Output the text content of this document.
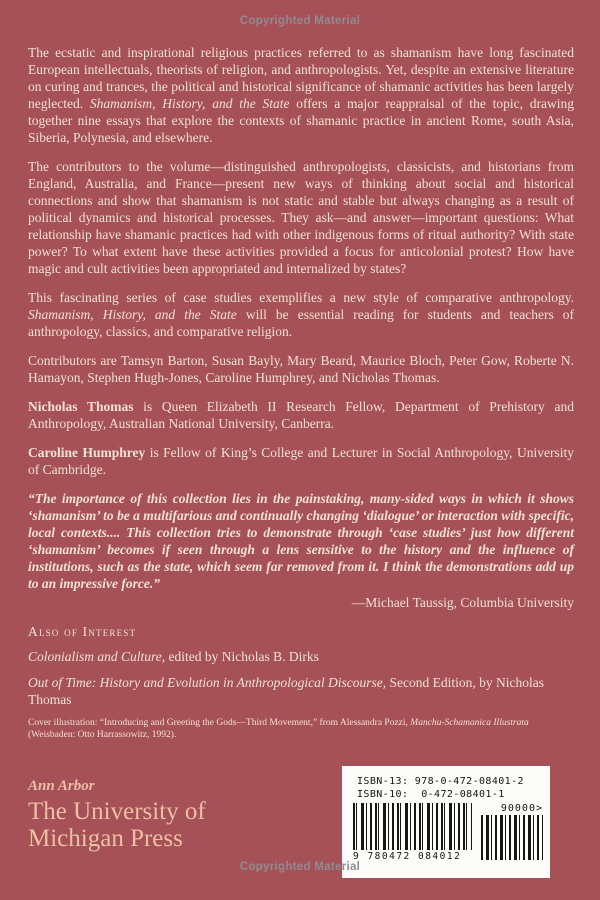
Copyrighted Material

The ecstatic and inspirational religious practices referred to as shamanism have long fascinated European intellectuals, theorists of religion, and anthropologists. Yet, despite an extensive literature on curing and trances, the political and historical significance of shamanic activities has been largely neglected. Shamanism, History, and the State offers a major reappraisal of the topic, drawing together nine essays that explore the contexts of shamanic practice in ancient Rome, south Asia, Siberia, Polynesia, and elsewhere.

The contributors to the volume—distinguished anthropologists, classicists, and historians from England, Australia, and France—present new ways of thinking about social and historical connections and show that shamanism is not static and stable but always changing as a result of political dynamics and historical processes. They ask—and answer—important questions: What relationship have shamanic practices had with other indigenous forms of ritual authority? With state power? To what extent have these activities provided a focus for anticolonial protest? How have magic and cult activities been appropriated and internalized by states?

This fascinating series of case studies exemplifies a new style of comparative anthropology. Shamanism, History, and the State will be essential reading for students and teachers of anthropology, classics, and comparative religion.

Contributors are Tamsyn Barton, Susan Bayly, Mary Beard, Maurice Bloch, Peter Gow, Roberte N. Hamayon, Stephen Hugh-Jones, Caroline Humphrey, and Nicholas Thomas.

Nicholas Thomas is Queen Elizabeth II Research Fellow, Department of Prehistory and Anthropology, Australian National University, Canberra.

Caroline Humphrey is Fellow of King’s College and Lecturer in Social Anthropology, University of Cambridge.

“The importance of this collection lies in the painstaking, many-sided ways in which it shows ‘shamanism’ to be a multifarious and continually changing ‘dialogue’ or interaction with specific, local contexts.... This collection tries to demonstrate through ‘case studies’ just how different ‘shamanism’ becomes if seen through a lens sensitive to the history and the influence of institutions, such as the state, which seem far removed from it. I think the demonstrations add up to an impressive force.”

—Michael Taussig, Columbia University

Also of Interest

Colonialism and Culture, edited by Nicholas B. Dirks

Out of Time: History and Evolution in Anthropological Discourse, Second Edition, by Nicholas Thomas

Cover illustration: “Introducing and Greeting the Gods—Third Movement,” from Alessandra Pozzi, Manchu-Schamanica Illustrata (Weisbaden: Otto Harrassowitz, 1992).

Ann Arbor
The University of Michigan Press
ISBN-13: 978-0-472-08401-2
ISBN-10:  0-472-08401-1
9 780472 084012
90000>
Copyrighted Material
